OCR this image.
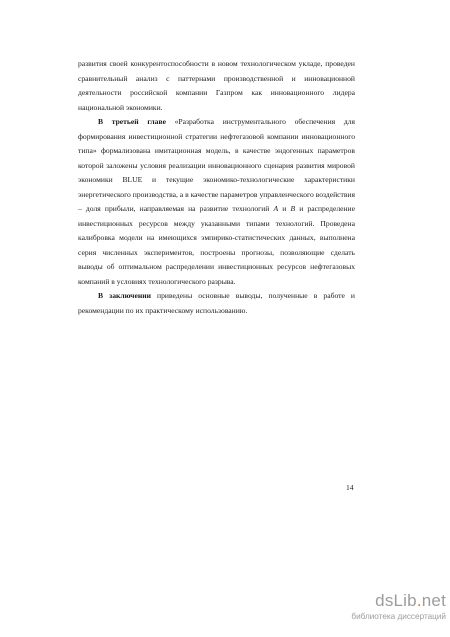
развития своей конкурентоспособности в новом технологическом укладе, проведен сравнительный анализ с паттернами производственной и инновационной деятельности российской компании Газпром как инновационного лидера национальной экономики.

В третьей главе «Разработка инструментального обеспечения для формирования инвестиционной стратегии нефтегазовой компании инновационного типа» формализована имитационная модель, в качестве эндогенных параметров которой заложены условия реализации инновационного сценария развития мировой экономики BLUE и текущие экономико-технологические характеристики энергетического производства, а в качестве параметров управленческого воздействия – доля прибыли, направляемая на развитие технологий A и B и распределение инвестиционных ресурсов между указанными типами технологий. Проведена калибровка модели на имеющихся эмпирико-статистических данных, выполнена серия численных экспериментов, построены прогнозы, позволяющие сделать выводы об оптимальном распределении инвестиционных ресурсов нефтегазовых компаний в условиях технологического разрыва.

В заключении приведены основные выводы, полученные в работе и рекомендации по их практическому использованию.

14
dsLib.net
библиотека диссертаций
